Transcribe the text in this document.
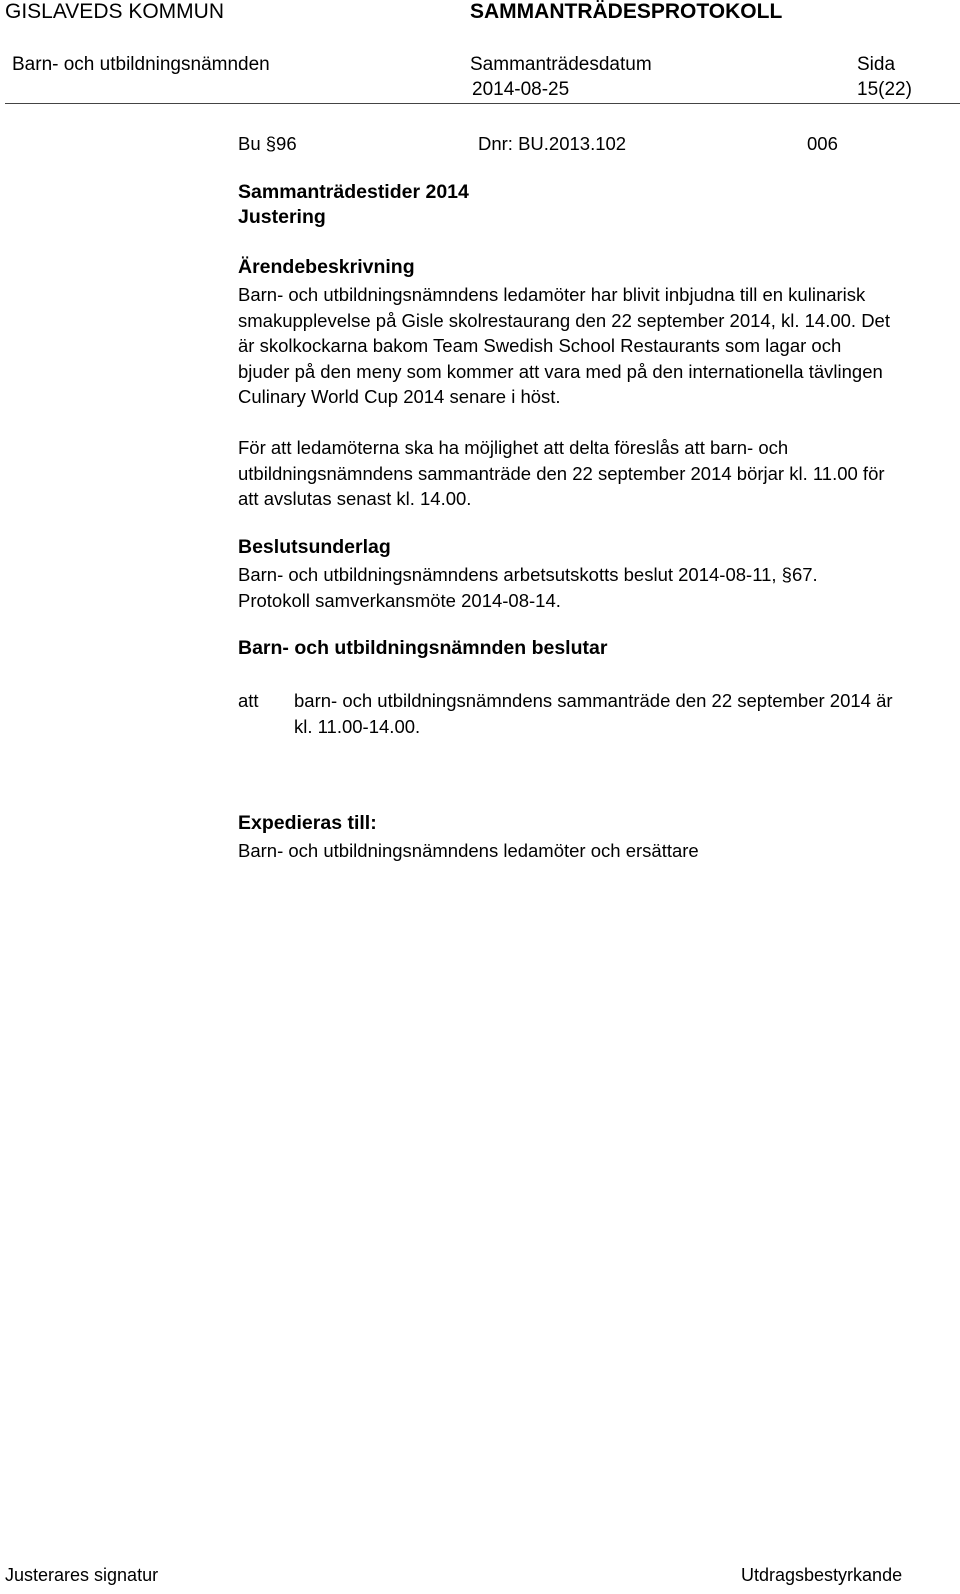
GISLAVEDS KOMMUN	SAMMANTRÄDESPROTOKOLL
Barn- och utbildningsnämnden	Sammanträdesdatum
2014-08-25
Sida
15(22)
Bu §96	Dnr: BU.2013.102	006
Sammanträdestider 2014
Justering
Ärendebeskrivning
Barn- och utbildningsnämndens ledamöter har blivit inbjudna till en kulinarisk
smakupplevelse på Gisle skolrestaurang den 22 september 2014, kl. 14.00. Det
är skolkockarna bakom Team Swedish School Restaurants som lagar och
bjuder på den meny som kommer att vara med på den internationella tävlingen
Culinary World Cup 2014 senare i höst.
För att ledamöterna ska ha möjlighet att delta föreslås att barn- och
utbildningsnämndens sammanträde den 22 september 2014 börjar kl. 11.00 för
att avslutas senast kl. 14.00.
Beslutsunderlag
Barn- och utbildningsnämndens arbetsutskotts beslut 2014-08-11, §67.
Protokoll samverkansmöte 2014-08-14.
Barn- och utbildningsnämnden beslutar
att barn- och utbildningsnämndens sammanträde den 22 september 2014 är
kl. 11.00-14.00.
Expedieras till:
Barn- och utbildningsnämndens ledamöter och ersättare
Justerares signatur	Utdragsbestyrkande
